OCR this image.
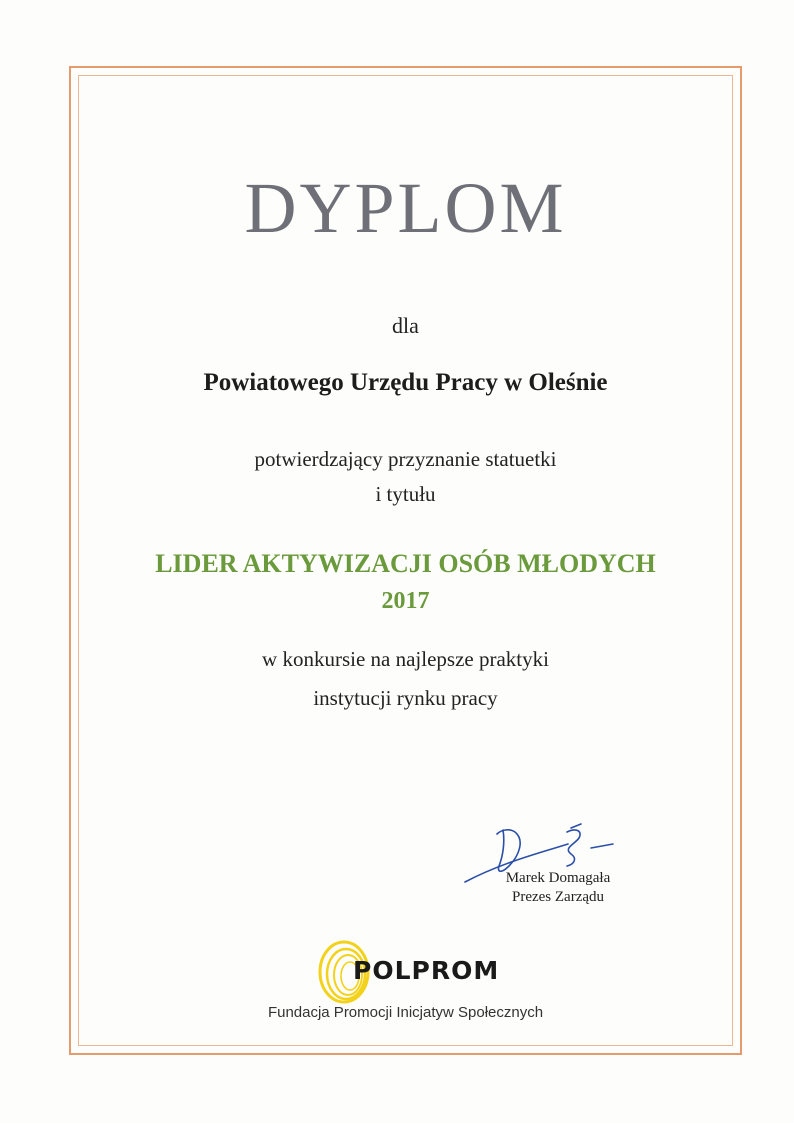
DYPLOM

dla

Powiatowego Urzędu Pracy w Oleśnie

potwierdzający przyznanie statuetki

i tytułu

LIDER AKTYWIZACJI OSÓB MŁODYCH

2017

w konkursie na najlepsze praktyki

instytucji rynku pracy

Marek Domagała

Prezes Zarządu

POLPROM

Fundacja Promocji Inicjatyw Społecznych
